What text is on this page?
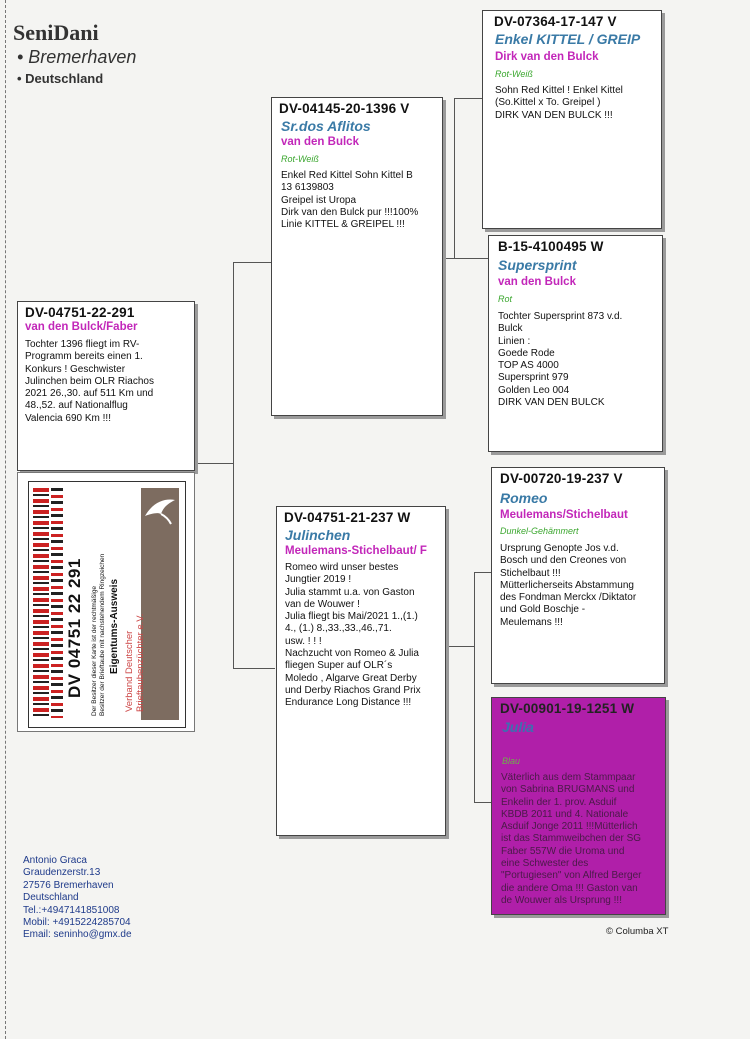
SeniDani
• Bremerhaven
• Deutschland
DV-04751-22-291
van den Bulck/Faber
Tochter 1396 fliegt im RV-
Programm bereits einen 1.
Konkurs ! Geschwister
Julinchen beim OLR Riachos
2021 26.,30. auf 511 Km und
48.,52. auf Nationalflug
Valencia 690 Km !!!
DV 04751 22 291
Der Besitzer dieser Karte ist der rechtmäßige
Besitzer der Brieftaube mit nachstehendem Ringzeichen
Eigentums-Ausweis
Verband Deutscher
Brieftaubenzüchter e.V.
DV-04145-20-1396 V
Sr.dos Aflitos
van den Bulck
Rot-Weiß
Enkel Red Kittel Sohn Kittel B
13 6139803
Greipel ist Uropa
Dirk van den Bulck pur !!!100%
Linie KITTEL & GREIPEL !!!
DV-04751-21-237 W
Julinchen
Meulemans-Stichelbaut/ F
Romeo wird unser bestes
Jungtier 2019 !
Julia stammt u.a. von Gaston
van de Wouwer !
Julia fliegt bis Mai/2021 1.,(1.)
4., (1.) 8.,33.,33.,46.,71.
usw. ! ! !
Nachzucht von Romeo & Julia
fliegen Super auf OLR´s
Moledo , Algarve Great Derby
und Derby Riachos Grand Prix
Endurance Long Distance !!!
DV-07364-17-147 V
Enkel KITTEL / GREIP
Dirk van den Bulck
Rot-Weiß
Sohn Red Kittel ! Enkel Kittel
(So.Kittel x To. Greipel )
DIRK VAN DEN BULCK !!!
B-15-4100495 W
Supersprint
van den Bulck
Rot
Tochter Supersprint 873 v.d.
Bulck
Linien :
Goede Rode
TOP AS 4000
Supersprint 979
Golden Leo 004
DIRK VAN DEN BULCK
DV-00720-19-237 V
Romeo
Meulemans/Stichelbaut
Dunkel-Gehämmert
Ursprung Genopte Jos v.d.
Bosch und den Creones von
Stichelbaut !!!
Mütterlicherseits Abstammung
des Fondman Merckx /Diktator
und Gold Boschje -
Meulemans !!!
DV-00901-19-1251 W
Julia
Blau
Väterlich aus dem Stammpaar
von Sabrina BRUGMANS und
Enkelin der 1. prov. Asduif
KBDB 2011 und 4. Nationale
Asduif Jonge 2011 !!!Mütterlich
ist das Stammweibchen der SG
Faber 557W die Uroma und
eine Schwester des
"Portugiesen" von Alfred Berger
die andere Oma !!! Gaston van
de Wouwer als Ursprung !!!
Antonio Graca
Graudenzerstr.13
27576 Bremerhaven
Deutschland
Tel.:+4947141851008
Mobil: +4915224285704
Email: seninho@gmx.de	© Columba XT
